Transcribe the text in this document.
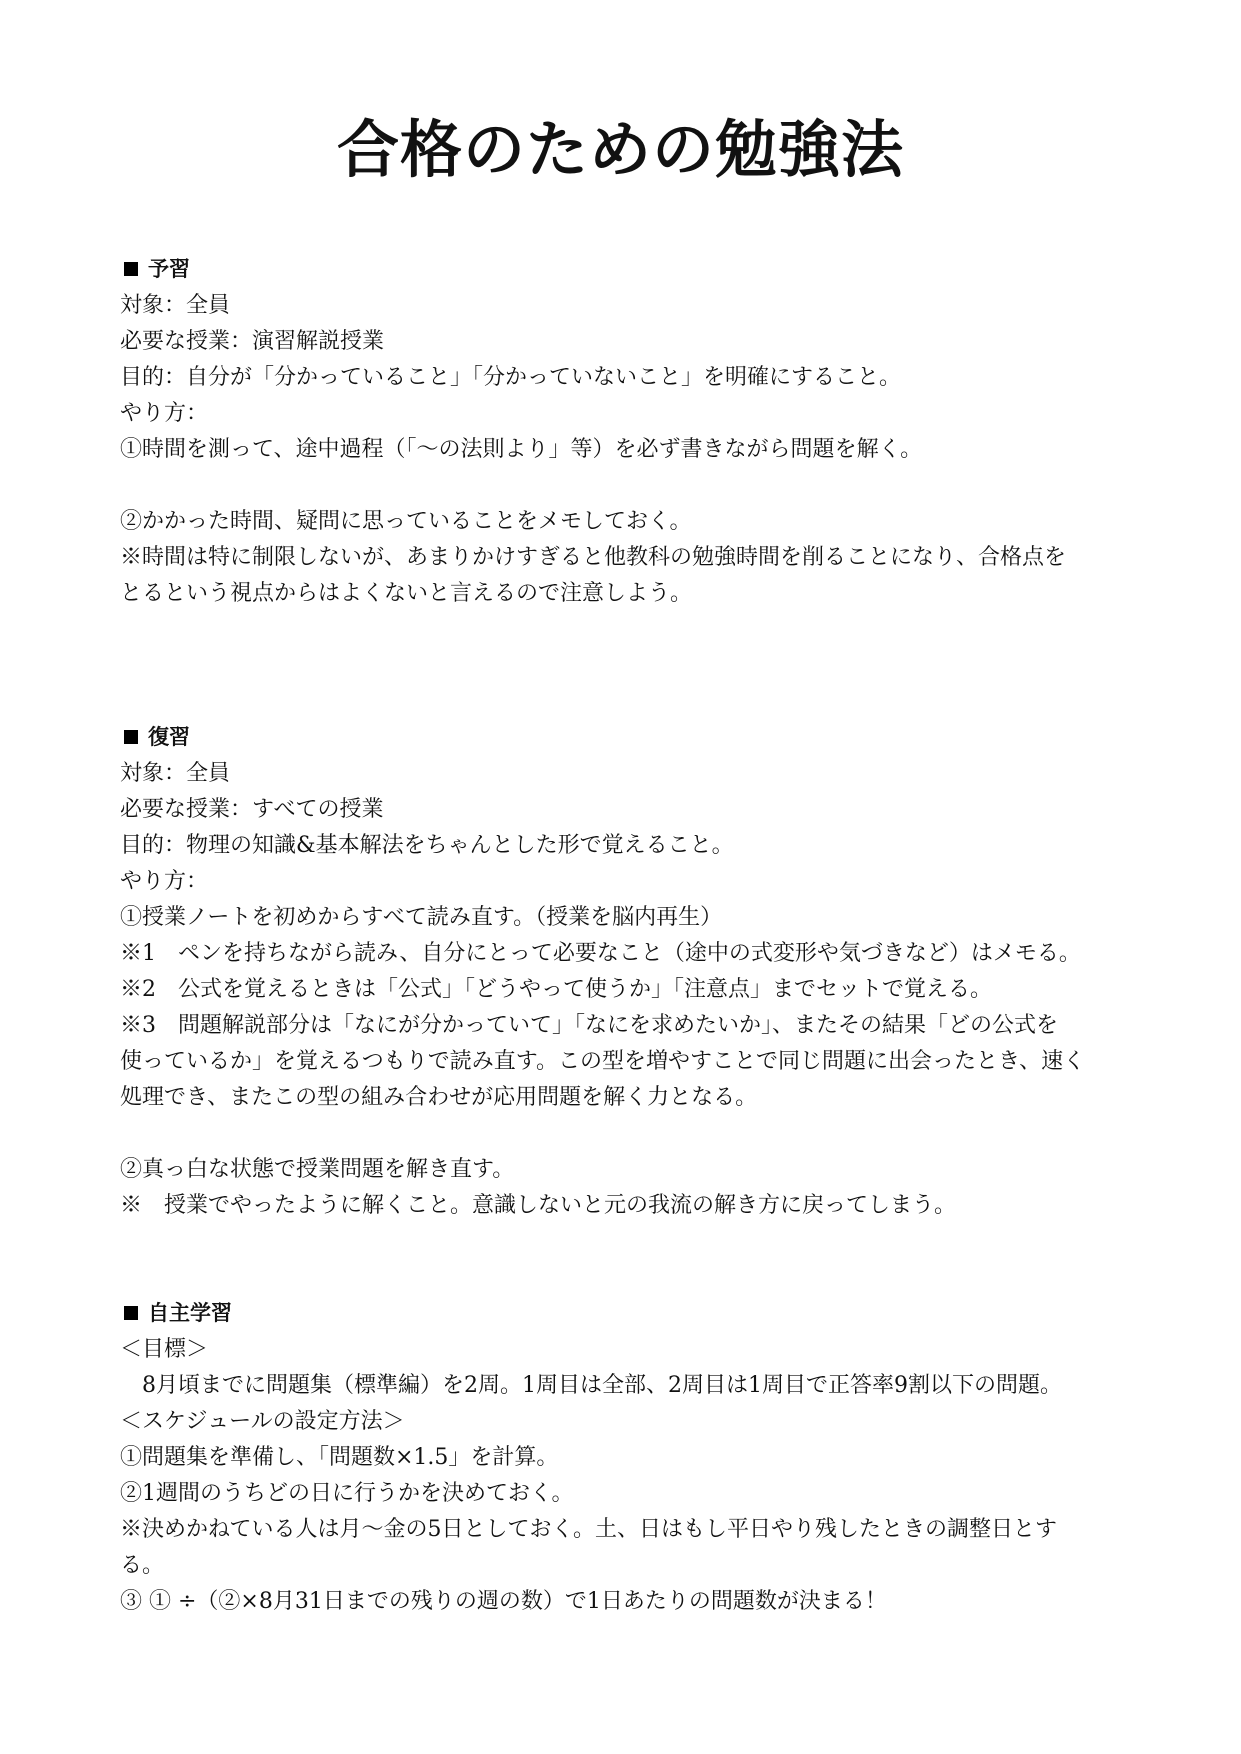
合格のための勉強法
予習

対象：全員

必要な授業：演習解説授業

目的：自分が「分かっていること」「分かっていないこと」を明確にすること。

やり方：

①時間を測って、途中過程（「〜の法則より」等）を必ず書きながら問題を解く。

②かかった時間、疑問に思っていることをメモしておく。

※時間は特に制限しないが、あまりかけすぎると他教科の勉強時間を削ることになり、合格点を

とるという視点からはよくないと言えるので注意しよう。

復習

対象：全員

必要な授業：すべての授業

目的：物理の知識&基本解法をちゃんとした形で覚えること。

やり方：

①授業ノートを初めからすべて読み直す。（授業を脳内再生）

※1　ペンを持ちながら読み、自分にとって必要なこと（途中の式変形や気づきなど）はメモる。

※2　公式を覚えるときは「公式」「どうやって使うか」「注意点」までセットで覚える。

※3　問題解説部分は「なにが分かっていて」「なにを求めたいか」、またその結果「どの公式を

使っているか」を覚えるつもりで読み直す。この型を増やすことで同じ問題に出会ったとき、速く

処理でき、またこの型の組み合わせが応用問題を解く力となる。

②真っ白な状態で授業問題を解き直す。

※　授業でやったように解くこと。意識しないと元の我流の解き方に戻ってしまう。

自主学習

＜目標＞

　8月頃までに問題集（標準編）を2周。1周目は全部、2周目は1周目で正答率9割以下の問題。

＜スケジュールの設定方法＞

①問題集を準備し、「問題数×1.5」を計算。

②1週間のうちどの日に行うかを決めておく。

※決めかねている人は月〜金の5日としておく。土、日はもし平日やり残したときの調整日とす

る。

③ ① ÷（②×8月31日までの残りの週の数）で1日あたりの問題数が決まる！
